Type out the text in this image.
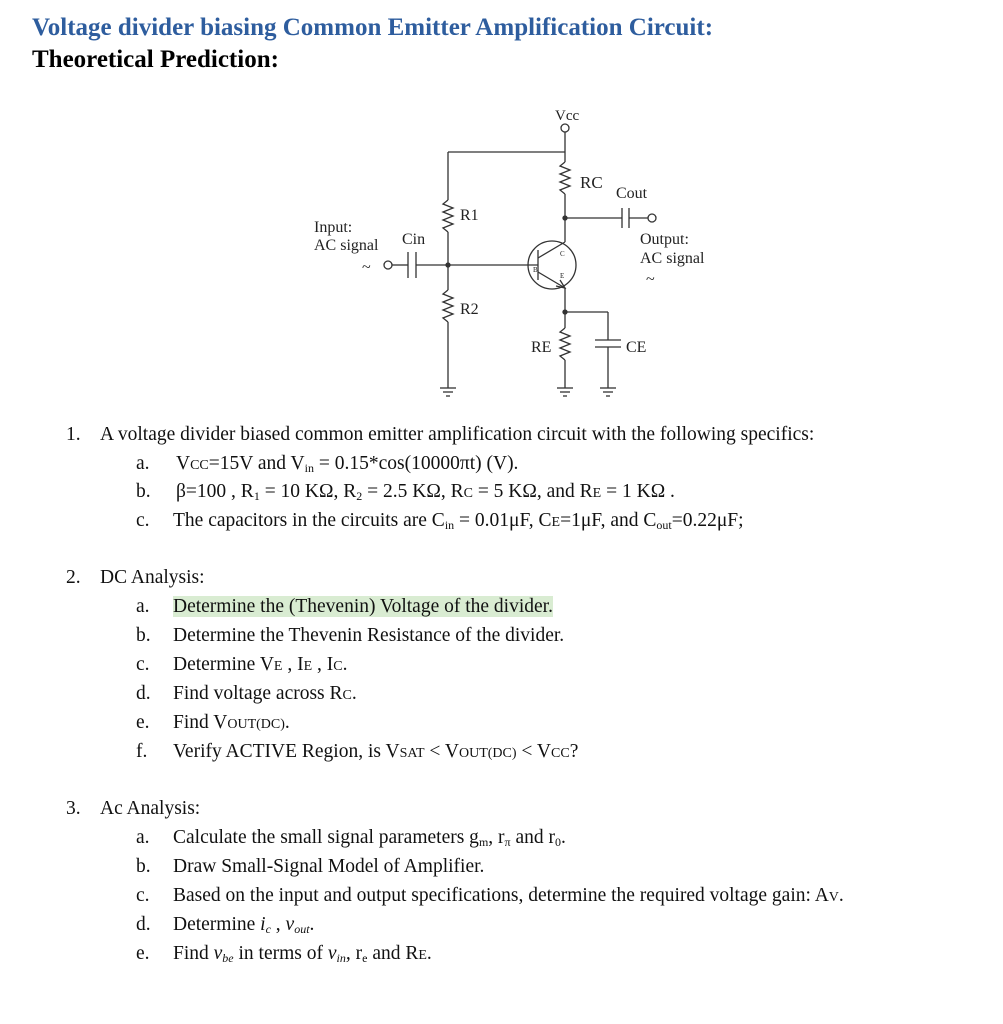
Voltage divider biasing Common Emitter Amplification Circuit:
Theoretical Prediction:
Vcc
RC
Cout
R1
R2
RE	CE
Cin
Input:
AC signal
~
Output:
AC signal
~
B
C
E
1. A voltage divider biased common emitter amplification circuit with the following specifics:
a. VCC=15V and $V_{in} = 0.15*\cos(10000\pi t)$ (V).
b. β=100 , $R_1 = 10$ KΩ, $R_2 = 2.5$ KΩ, RC = 5 KΩ, and RE = 1 KΩ .
c. The capacitors in the circuits are $C_{in} = 0.01\mu F$, CE=1μF, and $C_{out}=0.22\mu F$;
2. DC Analysis:
a. Determine the (Thevenin) Voltage of the divider.
b. Determine the Thevenin Resistance of the divider.
c. Determine VE , IE , IC.
d. Find voltage across RC.
e. Find VOUT(DC).
f. Verify ACTIVE Region, is VSAT < VOUT(DC) < VCC?
3. Ac Analysis:
a. Calculate the small signal parameters $g_m$, $r_\pi$ and $r_0$.
b. Draw Small-Signal Model of Amplifier.
c. Based on the input and output specifications, determine the required voltage gain: AV.
d. Determine $i_c$ , $v_{out}$.
e. Find $v_{be}$ in terms of $v_{in}$, $r_e$ and RE.
